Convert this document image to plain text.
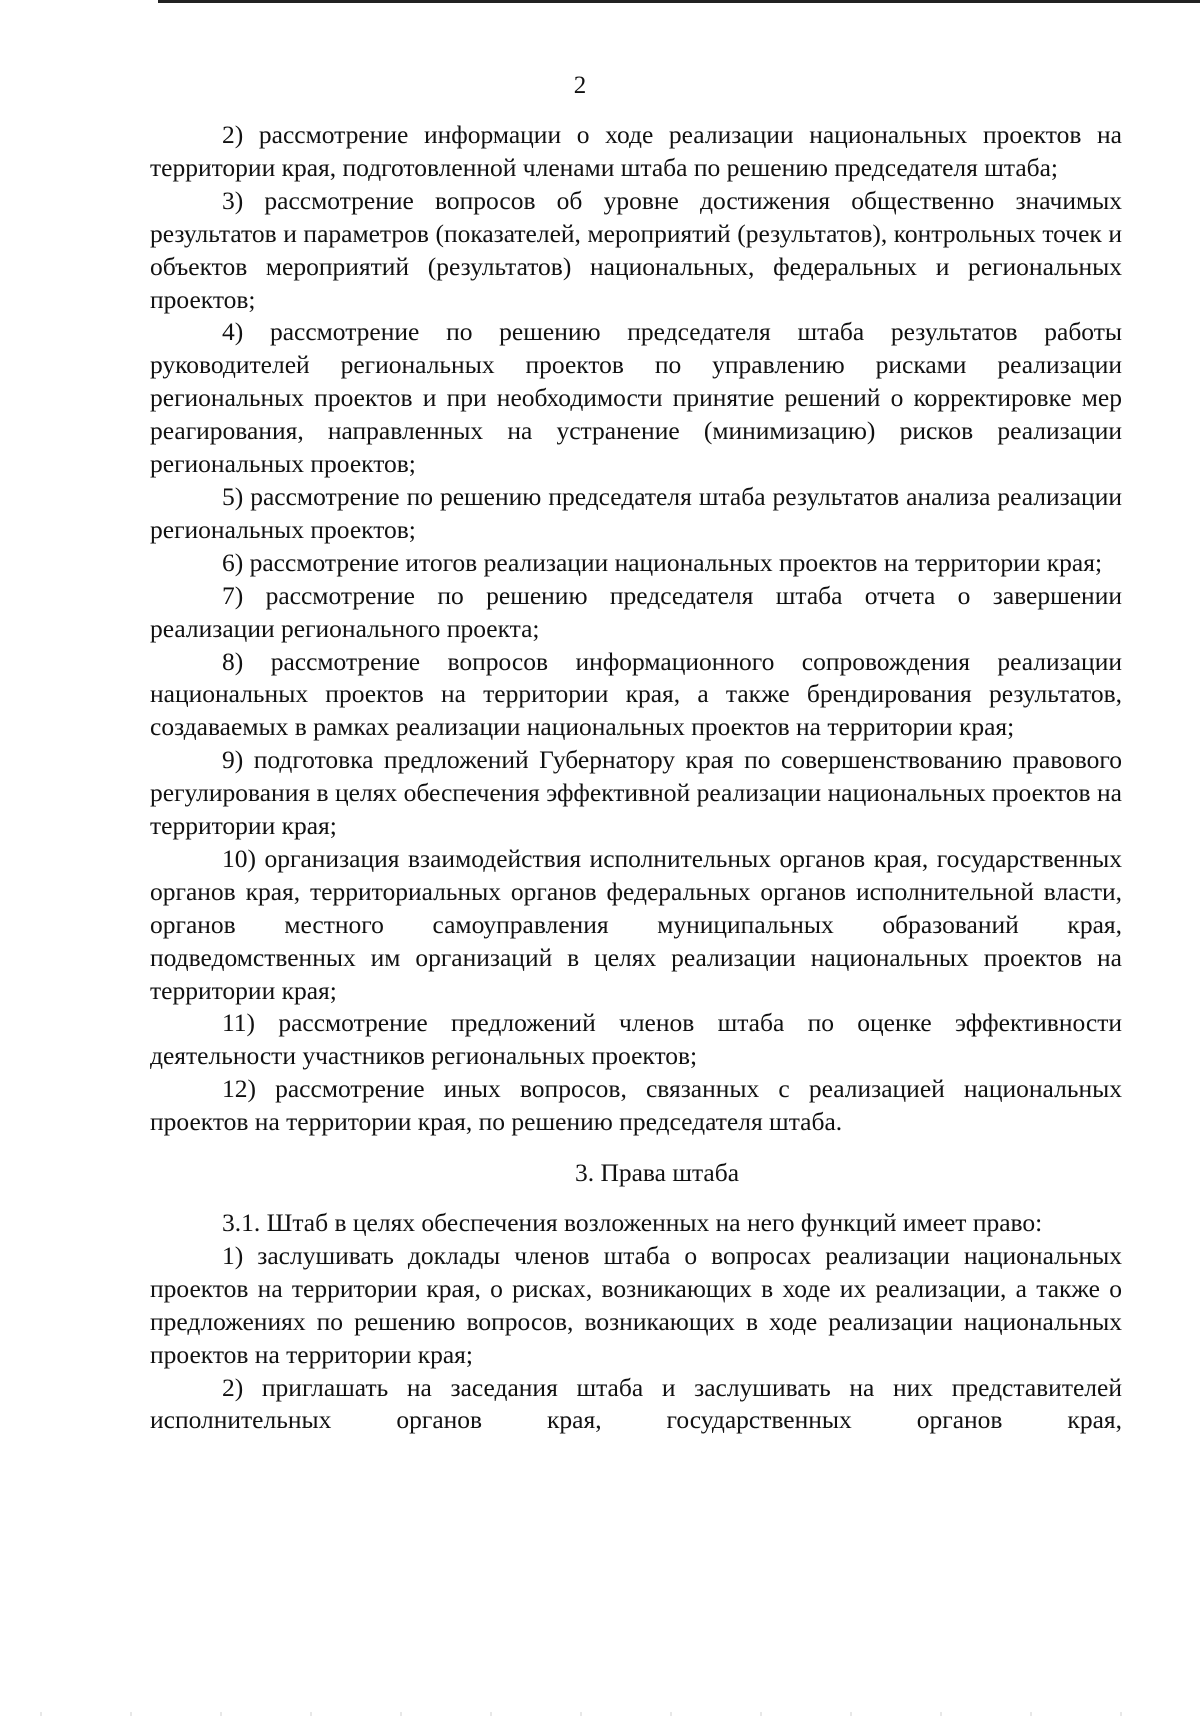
2

2) рассмотрение информации о ходе реализации национальных проектов на территории края, подготовленной членами штаба по решению председателя штаба;

3) рассмотрение вопросов об уровне достижения общественно значимых результатов и параметров (показателей, мероприятий (результатов), контрольных точек и объектов мероприятий (результатов) национальных, федеральных и региональных проектов;

4) рассмотрение по решению председателя штаба результатов работы руководителей региональных проектов по управлению рисками реализации региональных проектов и при необходимости принятие решений о корректировке мер реагирования, направленных на устранение (минимизацию) рисков реализации региональных проектов;

5) рассмотрение по решению председателя штаба результатов анализа реализации региональных проектов;

6) рассмотрение итогов реализации национальных проектов на территории края;

7) рассмотрение по решению председателя штаба отчета о завершении реализации регионального проекта;

8) рассмотрение вопросов информационного сопровождения реализации национальных проектов на территории края, а также брендирования результатов, создаваемых в рамках реализации национальных проектов на территории края;

9) подготовка предложений Губернатору края по совершенствованию правового регулирования в целях обеспечения эффективной реализации национальных проектов на территории края;

10) организация взаимодействия исполнительных органов края, государственных органов края, территориальных органов федеральных органов исполнительной власти, органов местного самоуправления муниципальных образований края, подведомственных им организаций в целях реализации национальных проектов на территории края;

11) рассмотрение предложений членов штаба по оценке эффективности деятельности участников региональных проектов;

12) рассмотрение иных вопросов, связанных с реализацией национальных проектов на территории края, по решению председателя штаба.

3. Права штаба

3.1. Штаб в целях обеспечения возложенных на него функций имеет право:

1) заслушивать доклады членов штаба о вопросах реализации национальных проектов на территории края, о рисках, возникающих в ходе их реализации, а также о предложениях по решению вопросов, возникающих в ходе реализации национальных проектов на территории края;

2) приглашать на заседания штаба и заслушивать на них представителей исполнительных органов края, государственных органов края,
